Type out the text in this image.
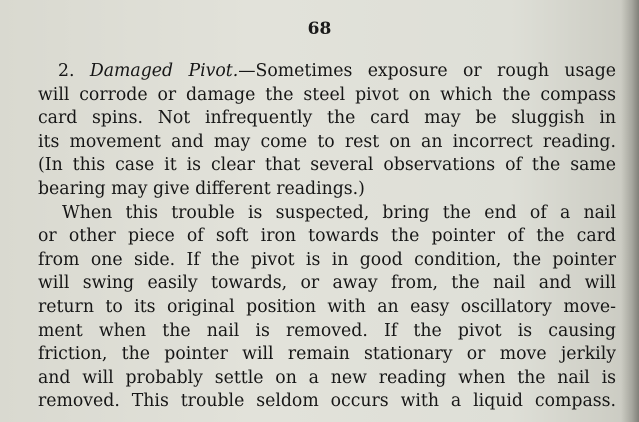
68
2. Damaged Pivot.—Sometimes exposure or rough usage
will corrode or damage the steel pivot on which the compass
card spins. Not infrequently the card may be sluggish in
its movement and may come to rest on an incorrect reading.
(In this case it is clear that several observations of the same
bearing may give different readings.)
When this trouble is suspected, bring the end of a nail
or other piece of soft iron towards the pointer of the card
from one side. If the pivot is in good condition, the pointer
will swing easily towards, or away from, the nail and will
return to its original position with an easy oscillatory move-
ment when the nail is removed. If the pivot is causing
friction, the pointer will remain stationary or move jerkily
and will probably settle on a new reading when the nail is
removed. This trouble seldom occurs with a liquid compass.
